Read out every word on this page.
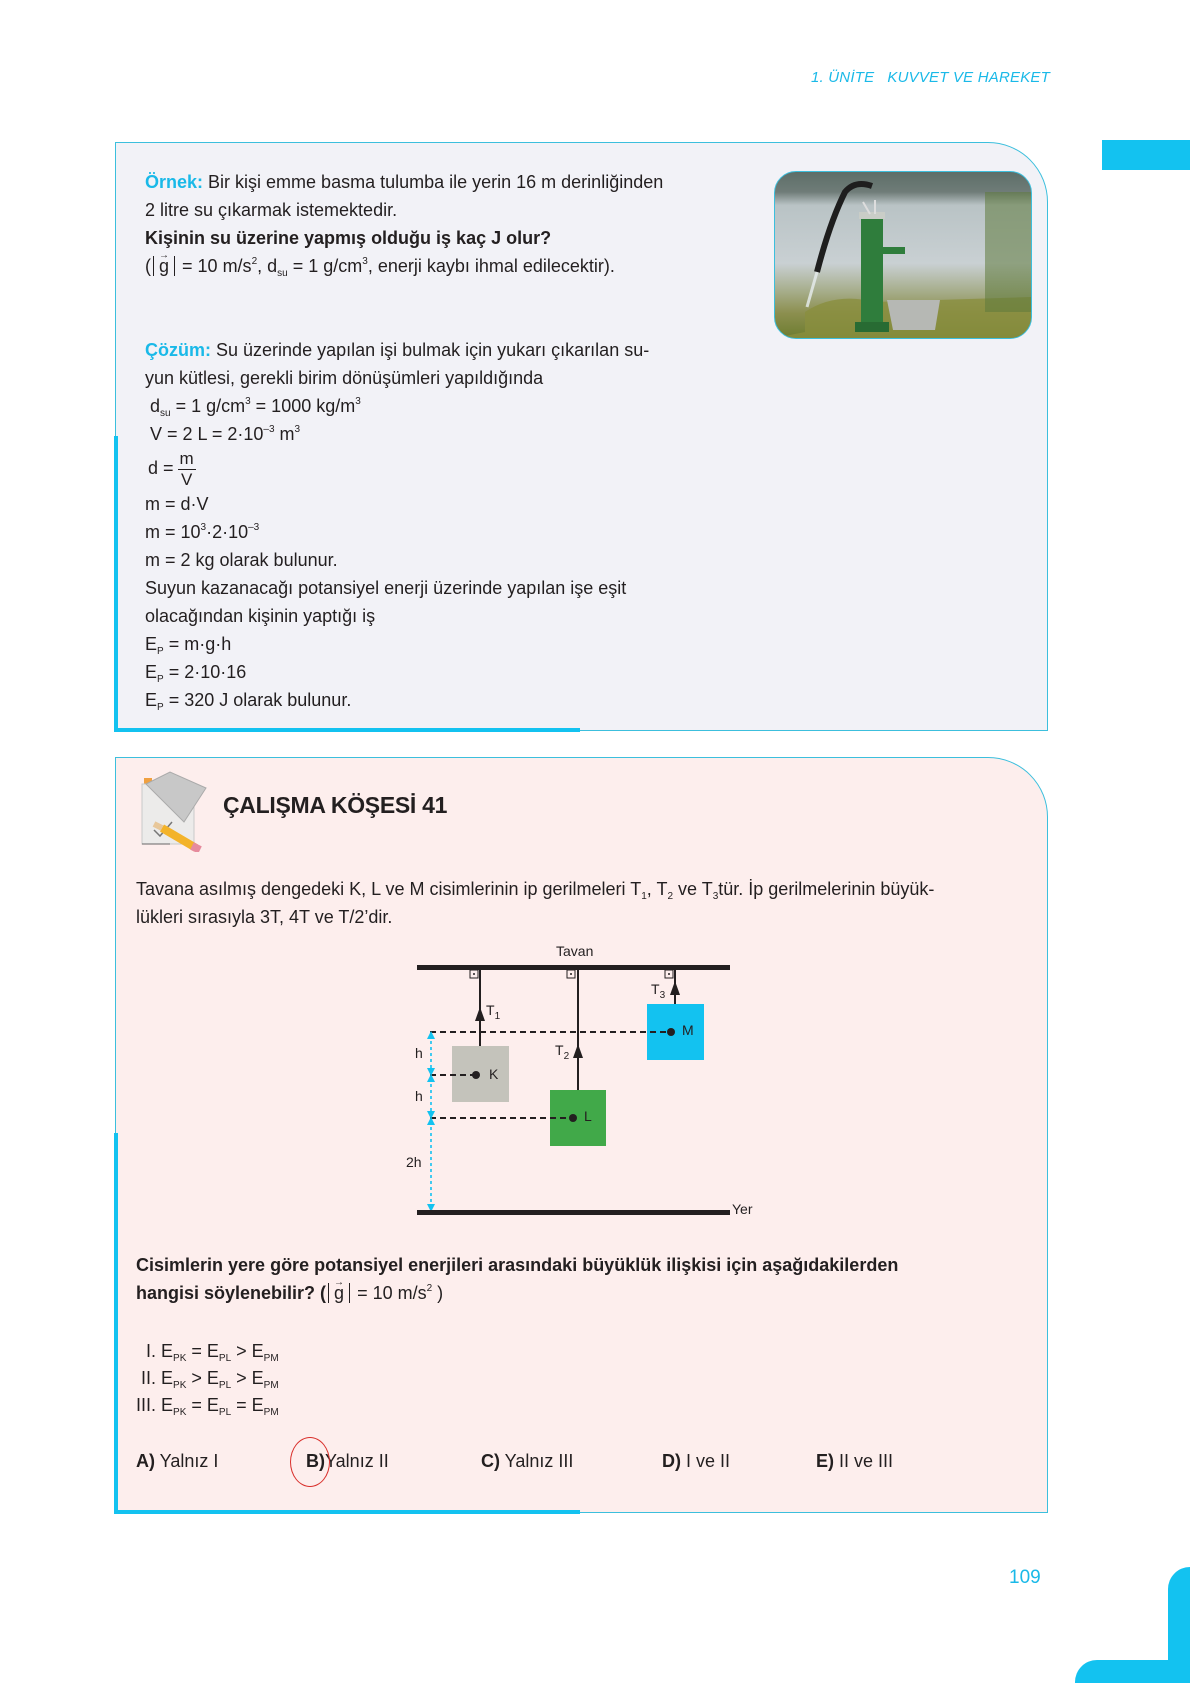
1. ÜNİTE KUVVET VE HAREKET
Örnek: Bir kişi emme basma tulumba ile yerin 16 m derinliğinden
2 litre su çıkarmak istemektedir.
Kişinin su üzerine yapmış olduğu iş kaç J olur?
( → g = 10 $m/s^2$, $d_{su} = 1$ $g/cm^3$, enerji kaybı ihmal edilecektir).
Çözüm: Su üzerinde yapılan işi bulmak için yukarı çıkarılan su-
yun kütlesi, gerekli birim dönüşümleri yapıldığında
$d_{su} = 1$ $g/cm^3 = 1000$ $kg/m^3$
V = 2 $L = 2\cdot 10^{-3}$ $m^3$
$d = \frac{m}{V}$
m = d·V
$m = 10^3\cdot 2\cdot 10^{-3}$
m = 2 kg olarak bulunur.
Suyun kazanacağı potansiyel enerji üzerinde yapılan işe eşit
olacağından kişinin yaptığı iş
$E_P = m\cdot g\cdot h$
$E_P = 2\cdot 10\cdot 16$
$E_P = 320$ J olarak bulunur.
ÇALIŞMA KÖŞESİ 41
Tavana asılmış dengedeki K, L ve M cisimlerinin ip gerilmeleri $T_1$, $T_2$ ve $T_3tür$. İp gerilmelerinin büyük-
lükleri sırasıyla 3T, 4T ve T/2’dir.
Tavan
Yer
$T_1$
$T_2$
$T_3$
K
L
M
h
h
2h
Cisimlerin yere göre potansiyel enerjileri arasındaki büyüklük ilişkisi için aşağıdakilerden
hangisi söylenebilir? ( → g = 10 $m/s^2$ )
I. $E_{PK} = E_{PL} > E_{PM}$
II. $E_{PK} > E_{PL} > E_{PM}$
III. $E_{PK} = E_{PL} = E_{PM}$
A) Yalnız I	B)Yalnız II	C) Yalnız III	D) I ve II	E) II ve III
109
